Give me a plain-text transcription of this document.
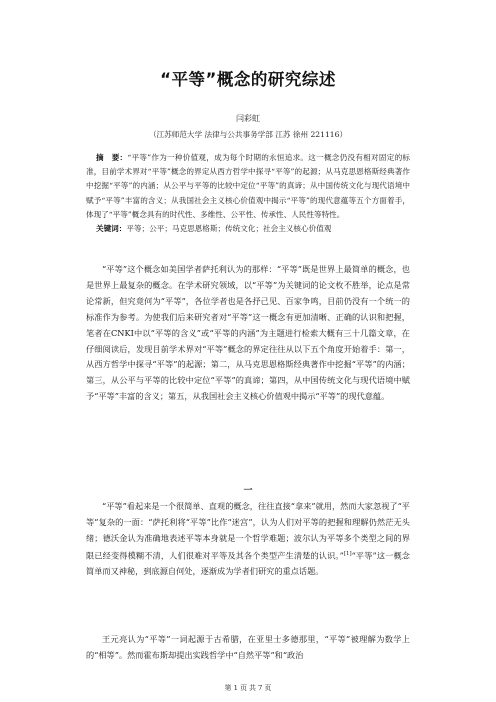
“平等”概念的研究综述
闫彩虹
（江苏师范大学 法律与公共事务学部 江苏 徐州 221116）
摘　要：“平等”作为一种价值观，成为每个时期的永恒追求。这一概念仍没有相对固定的标准，目前学术界对“平等”概念的界定从西方哲学中探寻“平等”的起源；从马克思恩格斯经典著作中挖掘“平等”的内涵；从公平与平等的比较中定位“平等”的真谛；从中国传统文化与现代语境中赋予“平等”丰富的含义；从我国社会主义核心价值观中揭示“平等”的现代意蕴等五个方面着手，体现了“平等”概念具有的时代性、多维性、公平性、传承性、人民性等特性。
关键词：平等；公平；马克思恩格斯；传统文化；社会主义核心价值观
“平等”这个概念如美国学者萨托利认为的那样：“平等”既是世界上最简单的概念，也是世界上最复杂的概念。在学术研究领域，以“平等”为关键词的论文枚不胜举，论点是常论常新，但究竟何为“平等”，各位学者也是各抒己见、百家争鸣，目前仍没有一个统一的标准作为参考。为使我们后来研究者对“平等”这一概念有更加清晰、正确的认识和把握，笔者在CNKI中以“平等的含义”或“平等的内涵”为主题进行检索大概有三十几篇文章，在仔细阅读后，发现目前学术界对“平等”概念的界定往往从以下五个角度开始着手：第一，从西方哲学中探寻“平等”的起源；第二，从马克思恩格斯经典著作中挖掘“平等”的内涵；第三，从公平与平等的比较中定位“平等”的真谛；第四，从中国传统文化与现代语境中赋予“平等”丰富的含义；第五，从我国社会主义核心价值观中揭示“平等”的现代意蕴。
一
“平等”看起来是一个很简单、直观的概念，往往直接“拿来”就用，然而大家忽视了“平等”复杂的一面：“萨托利将“平等”比作“迷宫”，认为人们对平等的把握和理解仍然茫无头绪；德沃金认为准确地表述平等本身就是一个哲学难题；波尔认为平等多个类型之间的界限已经变得模糊不清，人们很难对平等及其各个类型产生清楚的认识。”[1]“平等”这一概念简单而又神秘，到底源自何处，逐渐成为学者们研究的重点话题。
王元亮认为“平等”一词起源于古希腊，在亚里士多德那里，“平等”被理解为数学上的“相等”。然而霍布斯却提出实践哲学中“自然平等”和“政治
第 1 页 共 7 页
